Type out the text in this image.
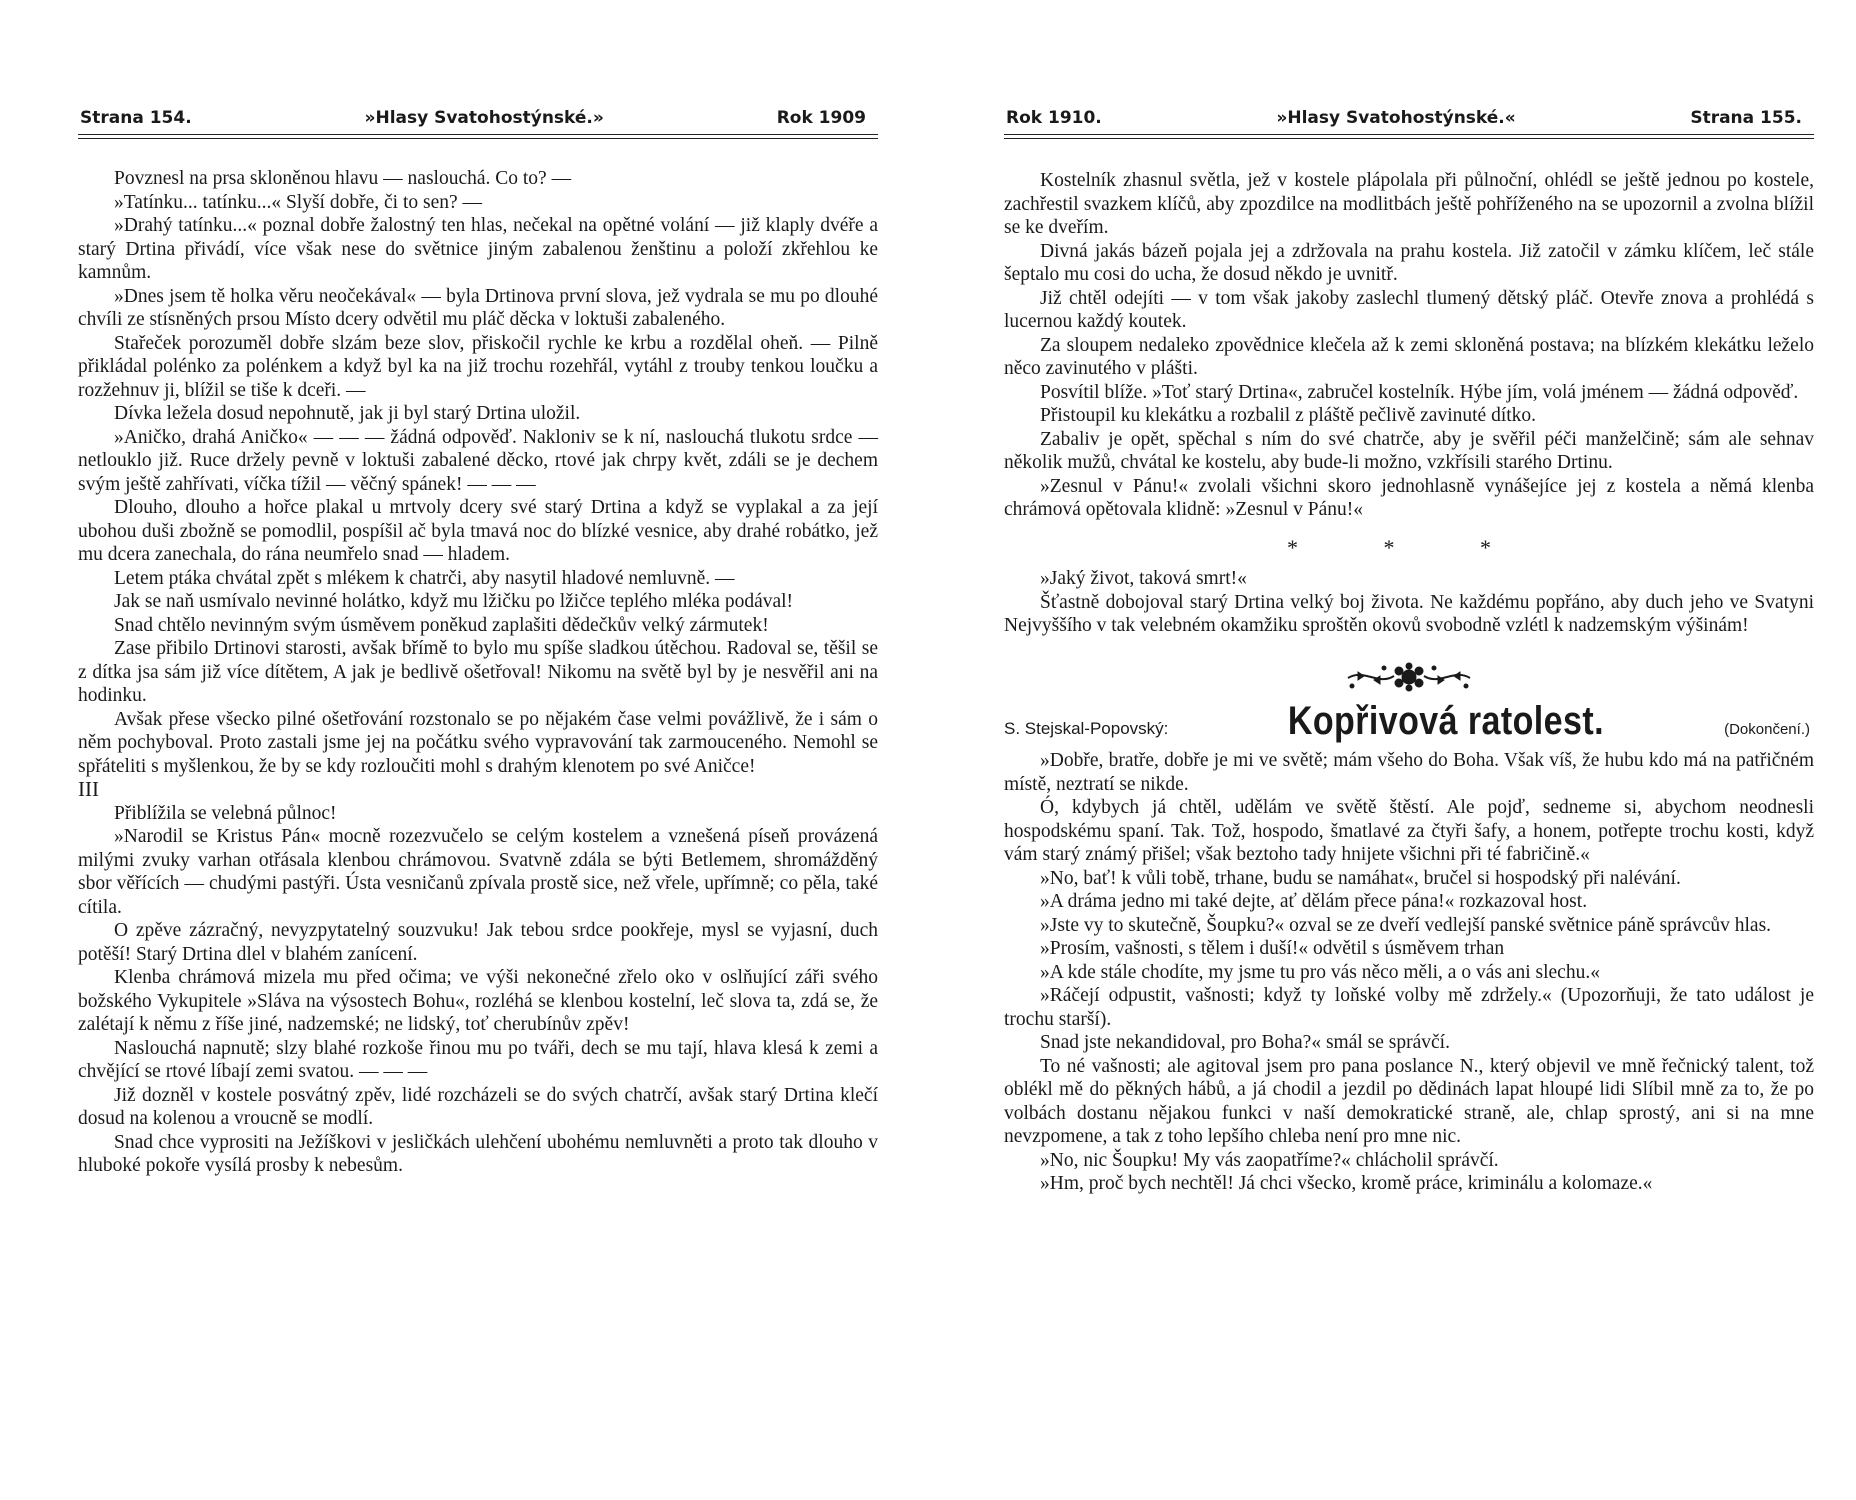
Strana 154.	»Hlasy Svatohostýnské.»	Rok 1909

Povznesl na prsa skloněnou hlavu — naslouchá. Co to? —

»Tatínku... tatínku...« Slyší dobře, či to sen? —

»Drahý tatínku...« poznal dobře žalostný ten hlas, nečekal na opětné volání — již klaply dvéře a starý Drtina přivádí, více však nese do světnice jiným zabalenou ženštinu a položí zkřehlou ke kamnům.

»Dnes jsem tě holka věru neočekával« — byla Drtinova první slova, jež vydrala se mu po dlouhé chvíli ze stísněných prsou Místo dcery odvětil mu pláč děcka v loktuši zabaleného.

Stařeček porozuměl dobře slzám beze slov, přiskočil rychle ke krbu a rozdělal oheň. — Pilně přikládal polénko za polénkem a když byl ka na již trochu rozehřál, vytáhl z trouby tenkou loučku a rozžehnuv ji, blížil se tiše k dceři. —

Dívka ležela dosud nepohnutě, jak ji byl starý Drtina uložil.

»Aničko, drahá Aničko« — — — žádná odpověď. Nakloniv se k ní, naslouchá tlukotu srdce — netlouklo již. Ruce držely pevně v loktuši zabalené děcko, rtové jak chrpy květ, zdáli se je dechem svým ještě zahřívati, víčka tížil — věčný spánek! — — —

Dlouho, dlouho a hořce plakal u mrtvoly dcery své starý Drtina a když se vyplakal a za její ubohou duši zbožně se pomodlil, pospíšil ač byla tmavá noc do blízké vesnice, aby drahé robátko, jež mu dcera zanechala, do rána neumřelo snad — hladem.

Letem ptáka chvátal zpět s mlékem k chatrči, aby nasytil hladové nemluvně. —

Jak se naň usmívalo nevinné holátko, když mu lžičku po lžičce teplého mléka podával!

Snad chtělo nevinným svým úsměvem poněkud zaplašiti dědečkův velký zármutek!

Zase přibilo Drtinovi starosti, avšak břímě to bylo mu spíše sladkou útěchou. Radoval se, těšil se z dítka jsa sám již více dítětem, A jak je bedlivě ošetřoval! Nikomu na světě byl by je nesvěřil ani na hodinku.

Avšak přese všecko pilné ošetřování rozstonalo se po nějakém čase velmi povážlivě, že i sám o něm pochyboval. Proto zastali jsme jej na počátku svého vypravování tak zarmouceného. Nemohl se spřáteliti s myšlenkou, že by se kdy rozloučiti mohl s drahým klenotem po své Aničce!

III

Přiblížila se velebná půlnoc!

»Narodil se Kristus Pán« mocně rozezvučelo se celým kostelem a vznešená píseň provázená milými zvuky varhan otřásala klenbou chrámovou. Svatvně zdála se býti Betlemem, shromážděný sbor věřících — chudými pastýři. Ústa vesničanů zpívala prostě sice, než vřele, upřímně; co pěla, také cítila.

O zpěve zázračný, nevyzpytatelný souzvuku! Jak tebou srdce pookřeje, mysl se vyjasní, duch potěší! Starý Drtina dlel v blahém zanícení.

Klenba chrámová mizela mu před očima; ve výši nekonečné zřelo oko v oslňující záři svého božského Vykupitele »Sláva na výsostech Bohu«, rozléhá se klenbou kostelní, leč slova ta, zdá se, že zalétají k němu z říše jiné, nadzemské; ne lidský, toť cherubínův zpěv!

Naslouchá napnutě; slzy blahé rozkoše řinou mu po tváři, dech se mu tají, hlava klesá k zemi a chvějící se rtové líbají zemi svatou. — — —

Již dozněl v kostele posvátný zpěv, lidé rozcházeli se do svých chatrčí, avšak starý Drtina klečí dosud na kolenou a vroucně se modlí.

Snad chce vyprositi na Ježíškovi v jesličkách ulehčení ubohému nemluvněti a proto tak dlouho v hluboké pokoře vysílá prosby k nebesům.

Rok 1910.	»Hlasy Svatohostýnské.«	Strana 155.

Kostelník zhasnul světla, jež v kostele plápolala při půlnoční, ohlédl se ještě jednou po kostele, zachřestil svazkem klíčů, aby zpozdilce na modlitbách ještě pohříženého na se upozornil a zvolna blížil se ke dveřím.

Divná jakás bázeň pojala jej a zdržovala na prahu kostela. Již zatočil v zámku klíčem, leč stále šeptalo mu cosi do ucha, že dosud někdo je uvnitř.

Již chtěl odejíti — v tom však jakoby zaslechl tlumený dětský pláč. Otevře znova a prohlédá s lucernou každý koutek.

Za sloupem nedaleko zpovědnice klečela až k zemi skloněná postava; na blízkém klekátku leželo něco zavinutého v plášti.

Posvítil blíže. »Toť starý Drtina«, zabručel kostelník. Hýbe jím, volá jménem — žádná odpověď.

Přistoupil ku klekátku a rozbalil z pláště pečlivě zavinuté dítko.

Zabaliv je opět, spěchal s ním do své chatrče, aby je svěřil péči manželčině; sám ale sehnav několik mužů, chvátal ke kostelu, aby bude-li možno, vzkřísili starého Drtinu.

»Zesnul v Pánu!« zvolali všichni skoro jednohlasně vynášejíce jej z kostela a němá klenba chrámová opětovala klidně: »Zesnul v Pánu!«

* * *

»Jaký život, taková smrt!«

Šťastně dobojoval starý Drtina velký boj života. Ne každému popřáno, aby duch jeho ve Svatyni Nejvyššího v tak velebném okamžiku sproštěn okovů svobodně vzlétl k nadzemským výšinám!

S. Stejskal-Popovský:	Kopřivová ratolest.	(Dokončení.)

»Dobře, bratře, dobře je mi ve světě; mám všeho do Boha. Však víš, že hubu kdo má na patřičném místě, neztratí se nikde.

Ó, kdybych já chtěl, udělám ve světě štěstí. Ale pojď, sedneme si, abychom neodnesli hospodskému spaní. Tak. Tož, hospodo, šmatlavé za čtyři šafy, a honem, potřepte trochu kosti, když vám starý známý přišel; však beztoho tady hnijete všichni při té fabričině.«

»No, bať! k vůli tobě, trhane, budu se namáhat«, bručel si hospodský při nalévání.

»A dráma jedno mi také dejte, ať dělám přece pána!« rozkazoval host.

»Jste vy to skutečně, Šoupku?« ozval se ze dveří vedlejší panské světnice páně správcův hlas.

»Prosím, vašnosti, s tělem i duší!« odvětil s úsměvem trhan

»A kde stále chodíte, my jsme tu pro vás něco měli, a o vás ani slechu.«

»Ráčejí odpustit, vašnosti; když ty loňské volby mě zdržely.« (Upozorňuji, že tato událost je trochu starší).

Snad jste nekandidoval, pro Boha?« smál se správčí.

To né vašnosti; ale agitoval jsem pro pana poslance N., který objevil ve mně řečnický talent, tož oblékl mě do pěkných hábů, a já chodil a jezdil po dědinách lapat hloupé lidi Slíbil mně za to, že po volbách dostanu nějakou funkci v naší demokratické straně, ale, chlap sprostý, ani si na mne nevzpomene, a tak z toho lepšího chleba není pro mne nic.

»No, nic Šoupku! My vás zaopatříme?« chlácholil správčí.

»Hm, proč bych nechtěl! Já chci všecko, kromě práce, kriminálu a kolomaze.«
